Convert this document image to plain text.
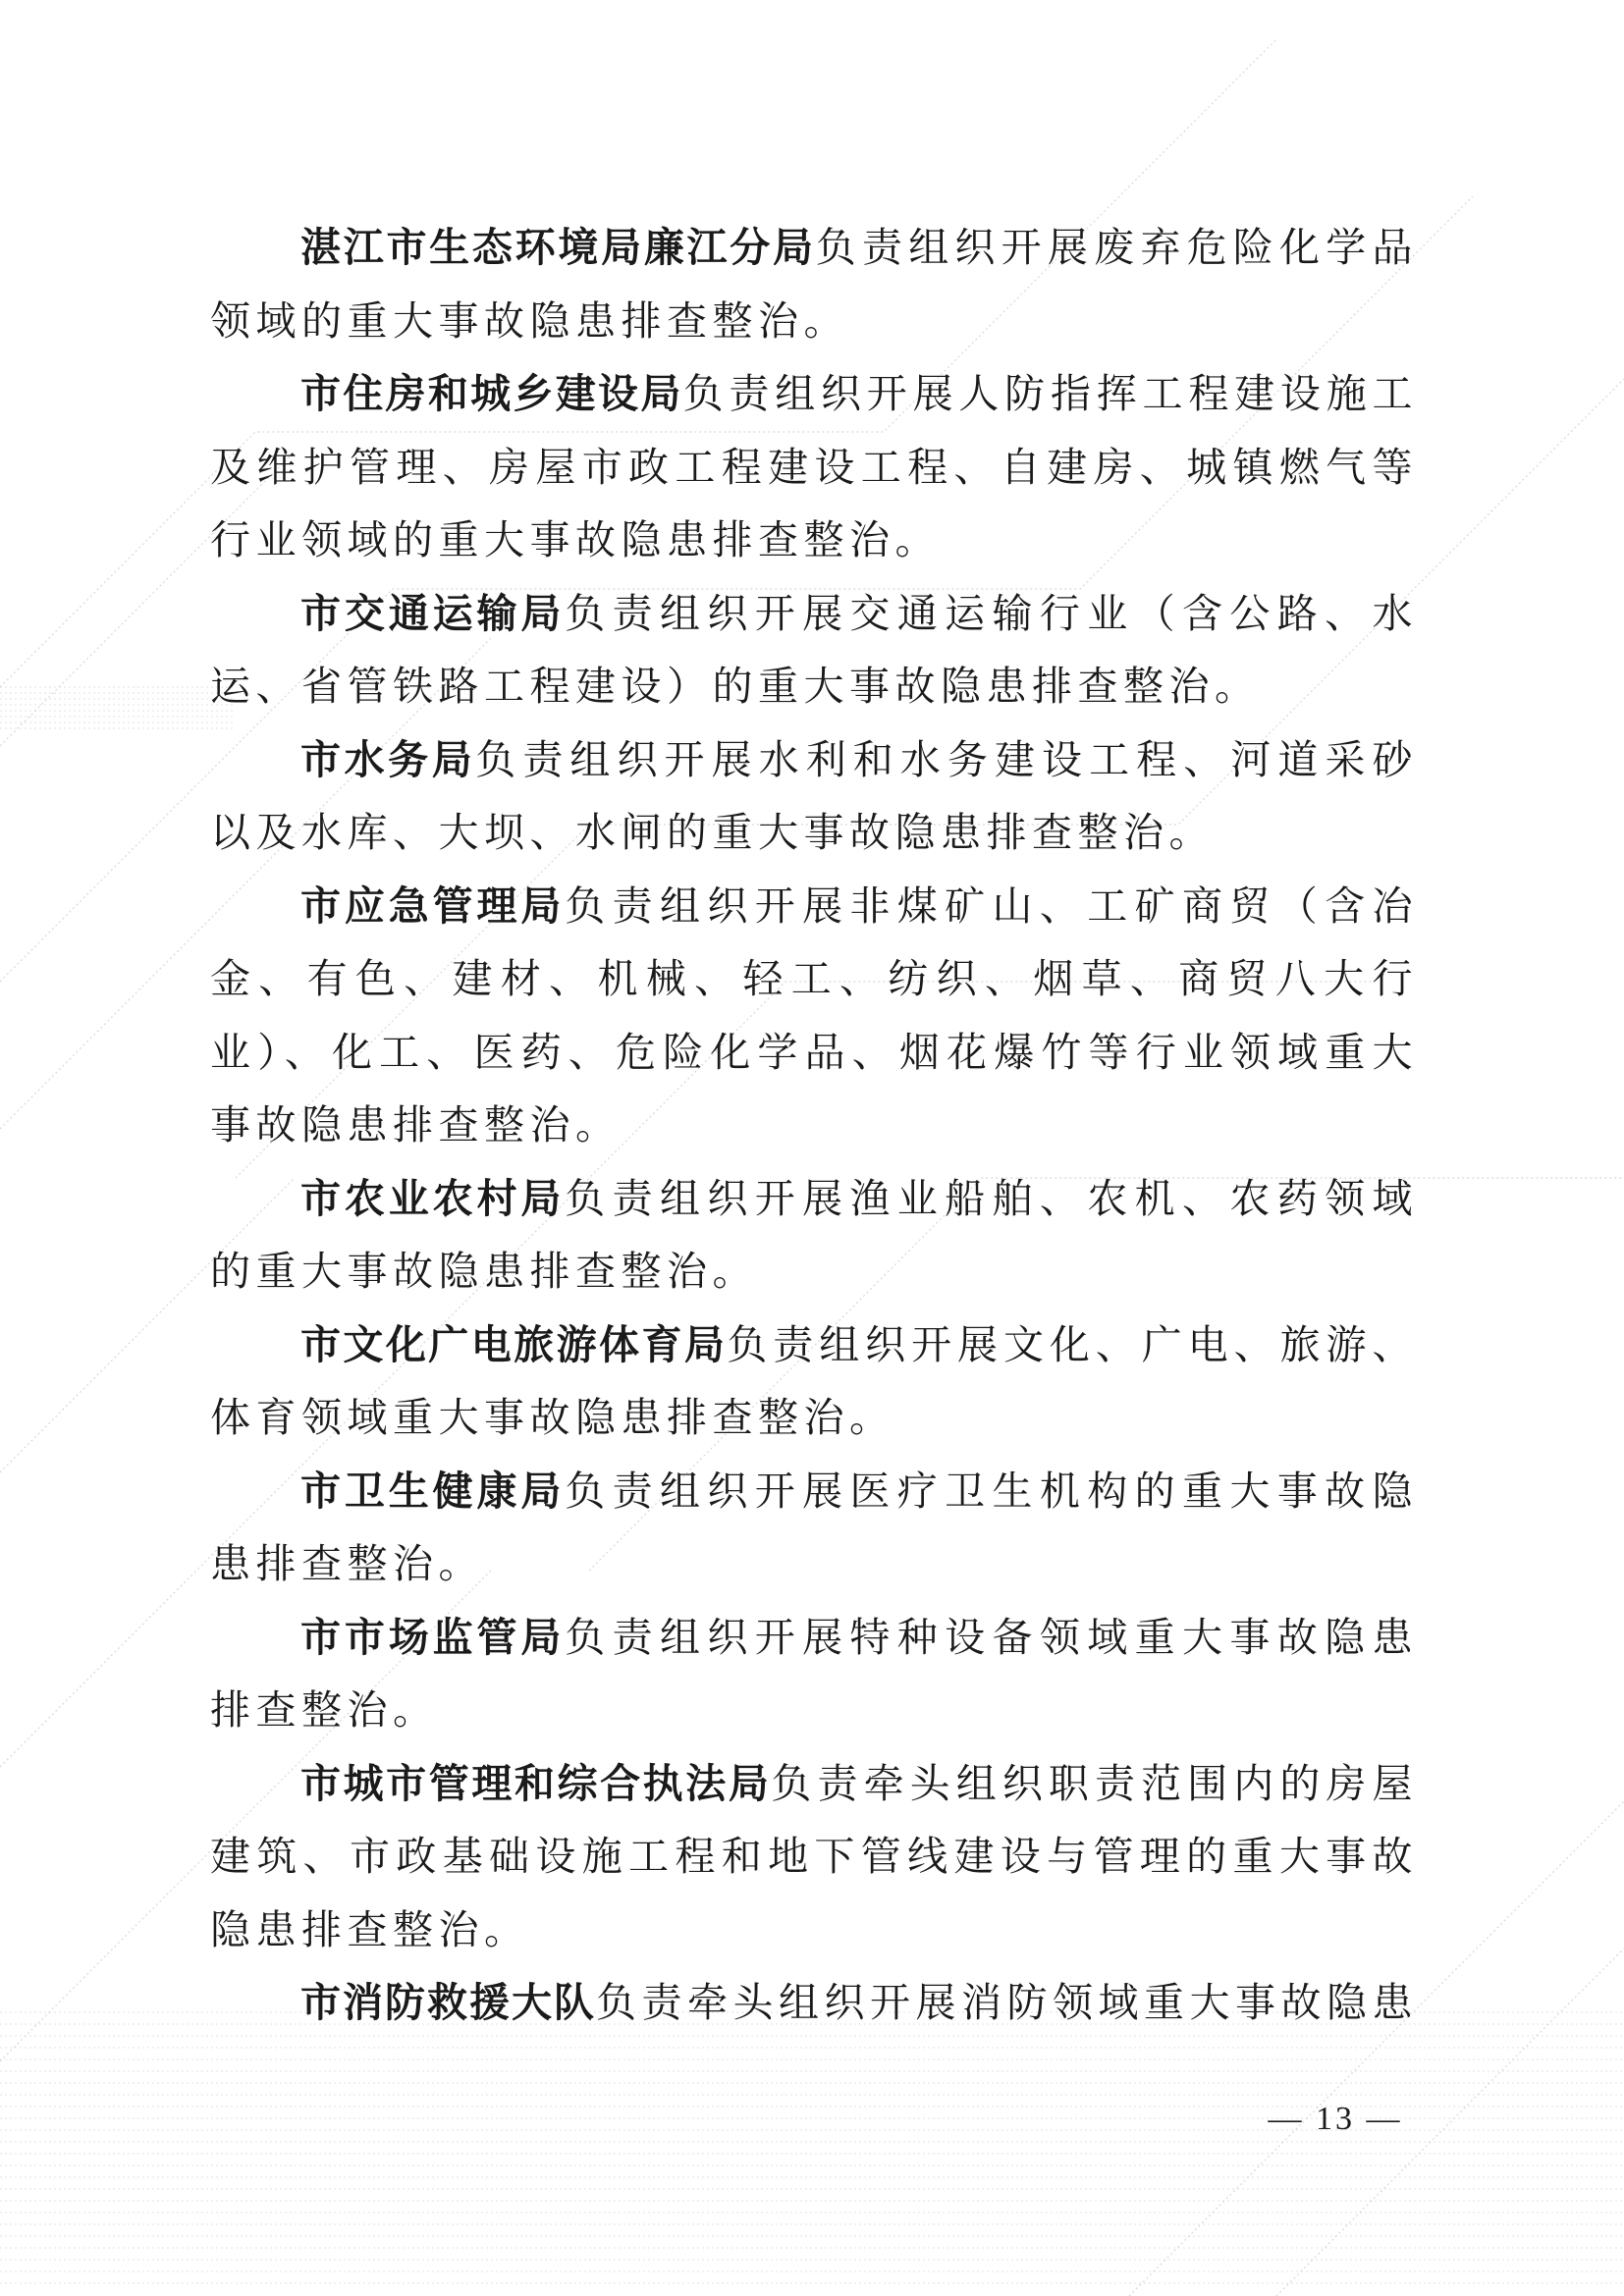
湛江市生态环境局廉江分局负责组织开展废弃危险化学品领域的重大事故隐患排查整治。

市住房和城乡建设局负责组织开展人防指挥工程建设施工及维护管理、房屋市政工程建设工程、自建房、城镇燃气等行业领域的重大事故隐患排查整治。

市交通运输局负责组织开展交通运输行业（含公路、水运、省管铁路工程建设）的重大事故隐患排查整治。

市水务局负责组织开展水利和水务建设工程、河道采砂以及水库、大坝、水闸的重大事故隐患排查整治。

市应急管理局负责组织开展非煤矿山、工矿商贸（含冶金、有色、建材、机械、轻工、纺织、烟草、商贸八大行业）、化工、医药、危险化学品、烟花爆竹等行业领域重大事故隐患排查整治。

市农业农村局负责组织开展渔业船舶、农机、农药领域的重大事故隐患排查整治。

市文化广电旅游体育局负责组织开展文化、广电、旅游、体育领域重大事故隐患排查整治。

市卫生健康局负责组织开展医疗卫生机构的重大事故隐患排查整治。

市市场监管局负责组织开展特种设备领域重大事故隐患排查整治。

市城市管理和综合执法局负责牵头组织职责范围内的房屋建筑、市政基础设施工程和地下管线建设与管理的重大事故隐患排查整治。

市消防救援大队负责牵头组织开展消防领域重大事故隐患

— 13 —
